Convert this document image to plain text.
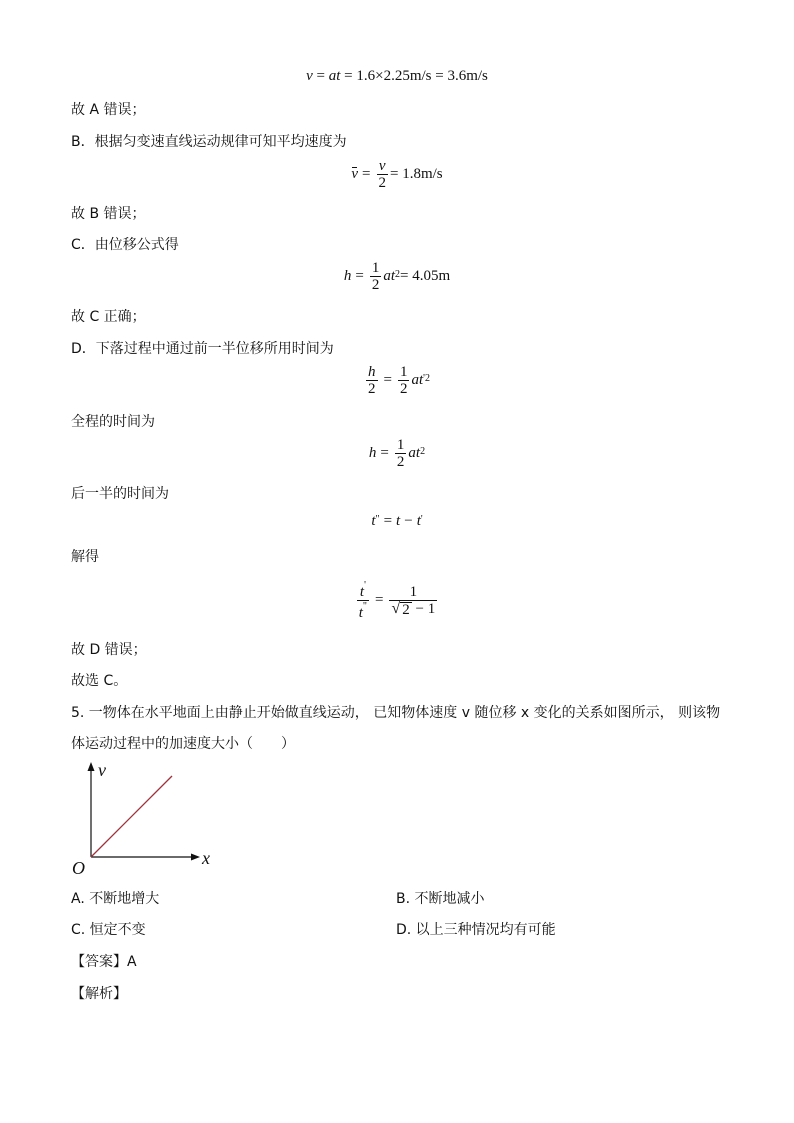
v = at = 1.6×2.25m/s = 3.6m/s
故 A 错误；
B．根据匀变速直线运动规律可知平均速度为
$v = \frac{v}{2} = 1.8m/s$
故 B 错误；
C．由位移公式得
$h = \frac{1}{2}$ a $t^2 = 4.05m$
故 C 正确；
D．下落过程中通过前一半位移所用时间为
$\frac{h}{2} = \frac{1}{2}$ a $t^{'2}$
全程的时间为
$h = \frac{1}{2}$ a $t^2$
后一半的时间为
t" = t − t'
解得
$\frac{t'}{t^"} = \frac{1}{√ 2 - 1}$
故 D 错误；
故选 C。
5. 一物体在水平地面上由静止开始做直线运动， 已知物体速度 v 随位移 x 变化的关系如图所示， 则该物
体运动过程中的加速度大小（　　）
v
x
O
A. 不断地增大	B. 不断地减小
C. 恒定不变	D. 以上三种情况均有可能
【答案】A
【解析】
